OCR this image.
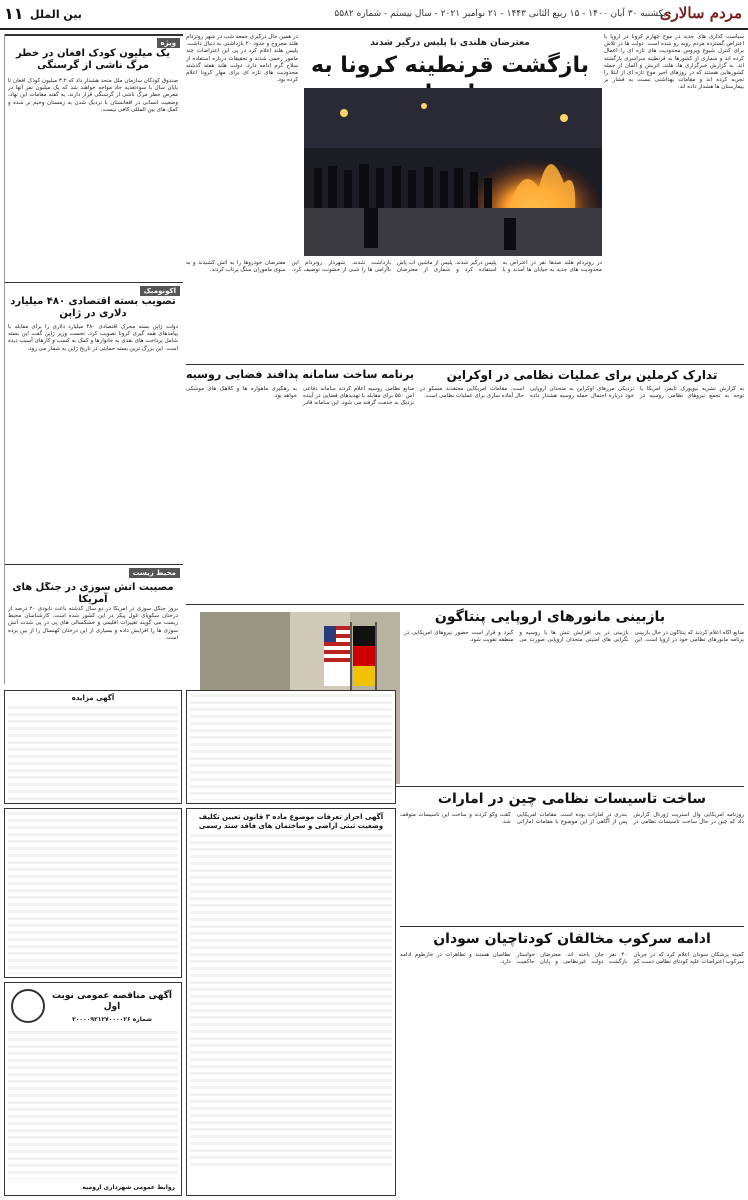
مردم سالاری
یکشنبه ۳۰ آبان ۱۴۰۰ - ۱۵ ربیع الثانی ۱۴۴۳ - ۲۱ نوامبر ۲۰۲۱ - سال بیستم - شماره ۵۵۸۲
بین الملل
۱۱
ویژه
یک میلیون کودک افغان در خطر مرگ ناشی از گرسنگی
صندوق کودکان سازمان ملل متحد هشدار داد که ۳.۲ میلیون کودک افغان تا پایان سال با سوءتغذیه حاد مواجه خواهند شد که یک میلیون نفر آنها در معرض خطر مرگ ناشی از گرسنگی قرار دارند. به گفته مقامات این نهاد، وضعیت انسانی در افغانستان با نزدیک شدن به زمستان وخیم تر شده و کمک های بین المللی کافی نیست.
اکونومیک
تصویب بسته اقتصادی ۴۸۰ میلیارد دلاری در ژاپن
دولت ژاپن بسته محرک اقتصادی ۴۸۰ میلیارد دلاری را برای مقابله با پیامدهای همه گیری کرونا تصویب کرد. نخست وزیر ژاپن گفت این بسته شامل پرداخت های نقدی به خانوارها و کمک به کسب و کارهای آسیب دیده است. این بزرگ ترین بسته حمایتی در تاریخ ژاپن به شمار می رود.
محیط زیست
مصیبت آتش سوزی در جنگل های آمریکا
بروز جنگل سوزی در آمریکا در دو سال گذشته باعث نابودی ۲۰ درصد از درختان سکویای غول پیکر در این کشور شده است. کارشناسان محیط زیست می گویند تغییرات اقلیمی و خشکسالی های پی در پی شدت آتش سوزی ها را افزایش داده و بسیاری از این درختان کهنسال را از بین برده است.
معترضان هلندی با پلیس درگیر شدند
بازگشت قرنطینه کرونا به
سیاست گذاری های جدید در موج چهارم کرونا در اروپا با اعتراض گسترده مردم روبه رو شده است. دولت ها در تلاش برای کنترل شیوع ویروس محدودیت های تازه ای را اعمال کرده اند و شماری از کشورها به قرنطینه سراسری بازگشته اند. به گزارش خبرگزاری ها، هلند، اتریش و آلمان از جمله کشورهایی هستند که در روزهای اخیر موج تازه ای از ابتلا را تجربه کرده اند و مقامات بهداشتی نسبت به فشار بر بیمارستان ها هشدار داده اند.
در همین حال درگیری جمعه شب در شهر روتردام هلند مجروح و حدود ۲۰ بازداشتی به دنبال داشت. پلیس هلند اعلام کرد در پی این اعتراضات چند مامور زخمی شدند و تحقیقات درباره استفاده از سلاح گرم ادامه دارد. دولت هلند هفته گذشته محدودیت های تازه ای برای مهار کرونا اعلام کرده بود.
در روتردام هلند صدها نفر در اعتراض به محدودیت های جدید به خیابان ها آمدند و با پلیس درگیر شدند. پلیس از ماشین آب پاش استفاده کرد و شماری از معترضان بازداشت شدند. شهردار روتردام این ناآرامی ها را شبی از خشونت توصیف کرد. معترضان خودروها را به آتش کشیدند و به سوی ماموران سنگ پرتاب کردند.
تدارک کرملین برای عملیات نظامی در اوکراین
به گزارش نشریه نیویورک تایمز، آمریکا با توجه به تجمع نیروهای نظامی روسیه در نزدیکی مرزهای اوکراین به متحدان اروپایی خود درباره احتمال حمله روسیه هشدار داده است. مقامات آمریکایی معتقدند مسکو در حال آماده سازی برای عملیات نظامی است.
برنامه ساخت سامانه پدافند فضایی روسیه
منابع نظامی روسیه اعلام کردند سامانه دفاعی اس ۵۵۰ برای مقابله با تهدیدهای فضایی در آینده نزدیک به خدمت گرفته می شود. این سامانه قادر به رهگیری ماهواره ها و کلاهک های موشکی خواهد بود.
بازبینی مانورهای اروپایی پنتاگون
منابع آگاه اعلام کردند که پنتاگون در حال بازبینی برنامه مانورهای نظامی خود در اروپا است. این بازبینی در پی افزایش تنش ها با روسیه و نگرانی های امنیتی متحدان اروپایی صورت می گیرد و قرار است حضور نیروهای آمریکایی در منطقه تقویت شود.
ساخت تاسیسات نظامی چین در امارات
روزنامه آمریکایی وال استریت ژورنال گزارش داد که چین در حال ساخت تاسیسات نظامی در بندری در امارات بوده است. مقامات آمریکایی پس از آگاهی از این موضوع با مقامات اماراتی گفت وگو کردند و ساخت این تاسیسات متوقف شد.
ادامه سرکوب مخالفان کودتاچیان سودان
کمیته پزشکان سودان اعلام کرد که در جریان سرکوب اعتراضات علیه کودتای نظامی دست کم ۴۰ نفر جان باخته اند. معترضان خواستار بازگشت دولت غیرنظامی و پایان حاکمیت نظامیان هستند و تظاهرات در خارطوم ادامه دارد.
آگهی مزایده
آگهی احراز تعرفات موضوع ماده ۳ قانون تعیین تکلیف وضعیت ثبتی اراضی و ساختمان های فاقد سند رسمی
آگهی مناقصه عمومی نوبت اول
شماره ۲۰۰۰۰۹۲۱۲۷۰۰۰۰۲۶
روابط عمومی شهرداری ارومیه
